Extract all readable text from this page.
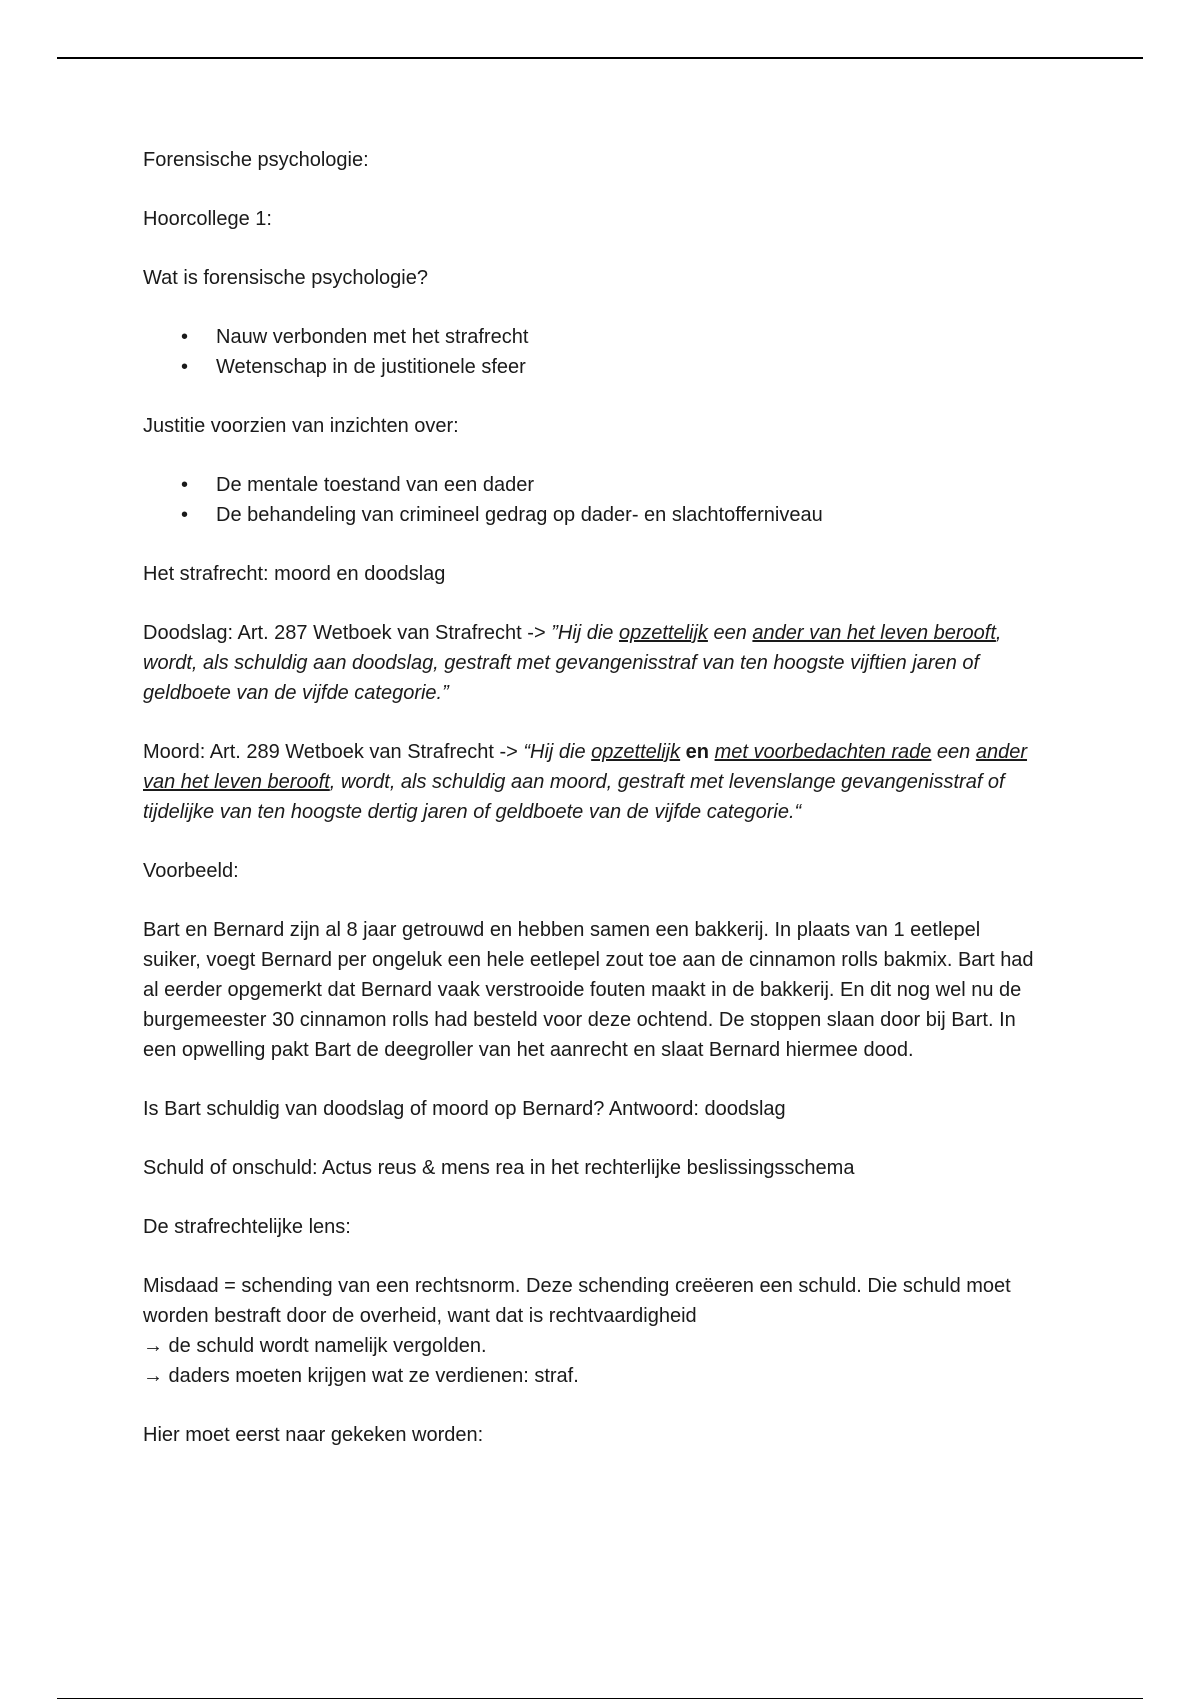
Forensische psychologie:

Hoorcollege 1:

Wat is forensische psychologie?

• Nauw verbonden met het strafrecht
• Wetenschap in de justitionele sfeer

Justitie voorzien van inzichten over:

• De mentale toestand van een dader
• De behandeling van crimineel gedrag op dader- en slachtofferniveau

Het strafrecht: moord en doodslag

Doodslag: Art. 287 Wetboek van Strafrecht -> ”Hij die opzettelijk een ander van het leven berooft, wordt, als schuldig aan doodslag, gestraft met gevangenisstraf van ten hoogste vijftien jaren of geldboete van de vijfde categorie.”

Moord: Art. 289 Wetboek van Strafrecht -> “Hij die opzettelijk en met voorbedachten rade een ander van het leven berooft, wordt, als schuldig aan moord, gestraft met levenslange gevangenisstraf of tijdelijke van ten hoogste dertig jaren of geldboete van de vijfde categorie.“

Voorbeeld:

Bart en Bernard zijn al 8 jaar getrouwd en hebben samen een bakkerij. In plaats van 1 eetlepel suiker, voegt Bernard per ongeluk een hele eetlepel zout toe aan de cinnamon rolls bakmix. Bart had al eerder opgemerkt dat Bernard vaak verstrooide fouten maakt in de bakkerij. En dit nog wel nu de burgemeester 30 cinnamon rolls had besteld voor deze ochtend. De stoppen slaan door bij Bart. In een opwelling pakt Bart de deegroller van het aanrecht en slaat Bernard hiermee dood.

Is Bart schuldig van doodslag of moord op Bernard? Antwoord: doodslag

Schuld of onschuld: Actus reus & mens rea in het rechterlijke beslissingsschema

De strafrechtelijke lens:

Misdaad = schending van een rechtsnorm. Deze schending creëeren een schuld. Die schuld moet worden bestraft door de overheid, want dat is rechtvaardigheid
→ de schuld wordt namelijk vergolden.
→ daders moeten krijgen wat ze verdienen: straf.

Hier moet eerst naar gekeken worden:
